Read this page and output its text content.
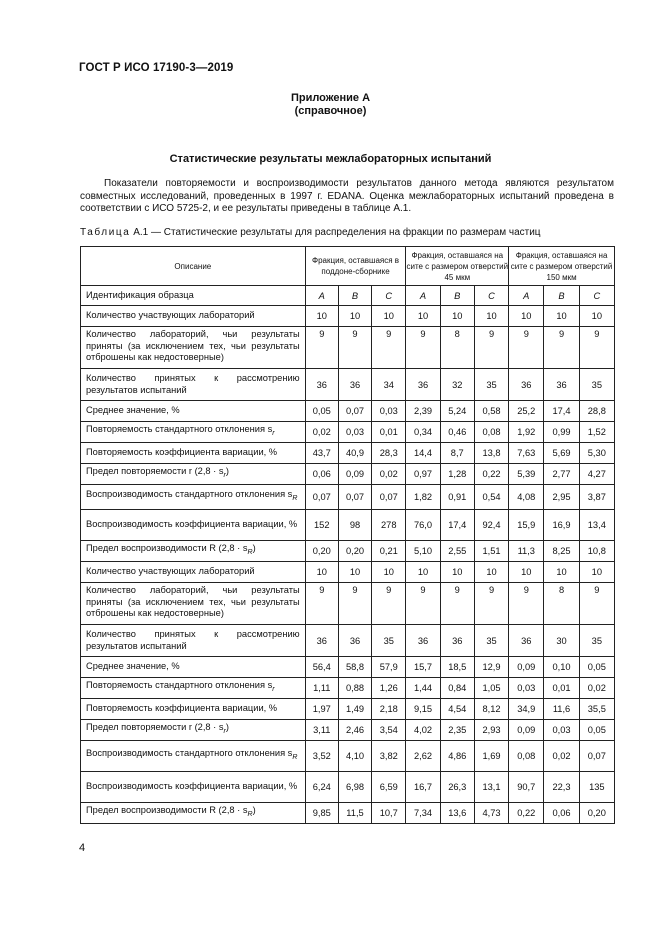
ГОСТ Р ИСО 17190-3—2019
Приложение А
(справочное)
Статистические результаты межлабораторных испытаний

Показатели повторяемости и воспроизводимости результатов данного метода являются результатом совместных исследований, проведенных в 1997 г. EDANA. Оценка межлабораторных испытаний проведена в соответствии с ИСО 5725-2, и ее результаты приведены в таблице А.1.

Таблица А.1 — Статистические результаты для распределения на фракции по размерам частиц
Описание	Фракция, оставшаяся в поддоне-сборнике			Фракция, оставшаяся на сите с размером отверстий 45 мкм			Фракция, оставшаяся на сите с размером отверстий 150 мкм		
Идентификация образца	A	B	C	A	B	C	A	B	C
Количество участвующих лабораторий	10	10	10	10	10	10	10	10	10
Количество лабораторий, чьи результаты приняты (за исключением тех, чьи результаты отброшены как недостоверные)	9	9	9	9	8	9	9	9	9
Количество принятых к рассмотрению результатов испытаний	36	36	34	36	32	35	36	36	35
Среднее значение, %	0,05	0,07	0,03	2,39	5,24	0,58	25,2	17,4	28,8
Повторяемость стандартного отклонения $s_r$	0,02	0,03	0,01	0,34	0,46	0,08	1,92	0,99	1,52
Повторяемость коэффициента вариации, %	43,7	40,9	28,3	14,4	8,7	13,8	7,63	5,69	5,30
Предел повторяемости r $(2,8 \cdot s_r)$	0,06	0,09	0,02	0,97	1,28	0,22	5,39	2,77	4,27
Воспроизводимость стандартного отклонения $s_R$	0,07	0,07	0,07	1,82	0,91	0,54	4,08	2,95	3,87
Воспроизводимость коэффициента вариации, %	152	98	278	76,0	17,4	92,4	15,9	16,9	13,4
Предел воспроизводимости R $(2,8 \cdot s_R)$	0,20	0,20	0,21	5,10	2,55	1,51	11,3	8,25	10,8
Количество участвующих лабораторий	10	10	10	10	10	10	10	10	10
Количество лабораторий, чьи результаты приняты (за исключением тех, чьи результаты отброшены как недостоверные)	9	9	9	9	9	9	9	8	9
Количество принятых к рассмотрению результатов испытаний	36	36	35	36	36	35	36	30	35
Среднее значение, %	56,4	58,8	57,9	15,7	18,5	12,9	0,09	0,10	0,05
Повторяемость стандартного отклонения $s_r$	1,11	0,88	1,26	1,44	0,84	1,05	0,03	0,01	0,02
Повторяемость коэффициента вариации, %	1,97	1,49	2,18	9,15	4,54	8,12	34,9	11,6	35,5
Предел повторяемости r $(2,8 \cdot s_r)$	3,11	2,46	3,54	4,02	2,35	2,93	0,09	0,03	0,05
Воспроизводимость стандартного отклонения $s_R$	3,52	4,10	3,82	2,62	4,86	1,69	0,08	0,02	0,07
Воспроизводимость коэффициента вариации, %	6,24	6,98	6,59	16,7	26,3	13,1	90,7	22,3	135
Предел воспроизводимости R $(2,8 \cdot s_R)$	9,85	11,5	10,7	7,34	13,6	4,73	0,22	0,06	0,20
4
